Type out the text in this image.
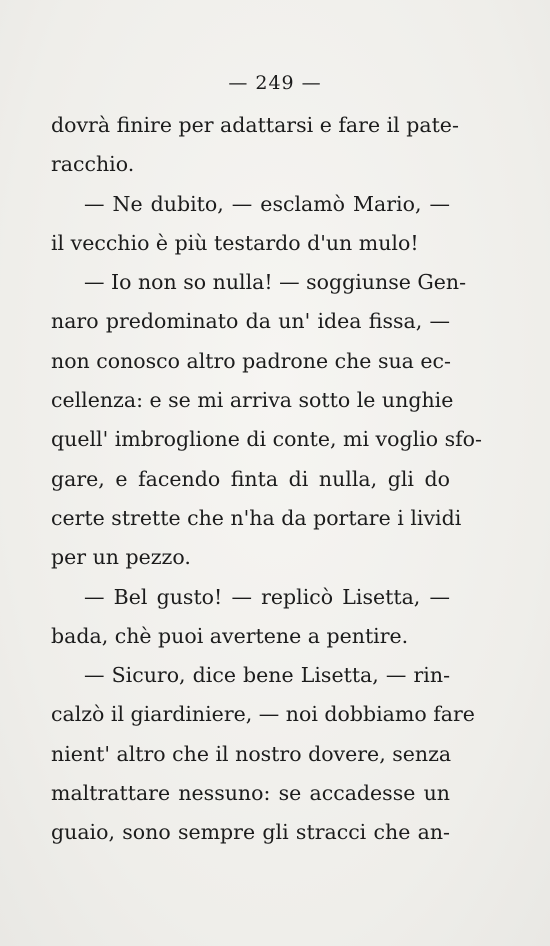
— 249 —
dovrà finire per adattarsi e fare il pate-
racchio.
— Ne dubito, — esclamò Mario, —
il vecchio è più testardo d'un mulo!
— Io non so nulla! — soggiunse Gen-
naro predominato da un' idea fissa, —
non conosco altro padrone che sua ec-
cellenza: e se mi arriva sotto le unghie
quell' imbroglione di conte, mi voglio sfo-
gare, e facendo finta di nulla, gli do
certe strette che n'ha da portare i lividi
per un pezzo.
— Bel gusto! — replicò Lisetta, —
bada, chè puoi avertene a pentire.
— Sicuro, dice bene Lisetta, — rin-
calzò il giardiniere, — noi dobbiamo fare
nient' altro che il nostro dovere, senza
maltrattare nessuno: se accadesse un
guaio, sono sempre gli stracci che an-
